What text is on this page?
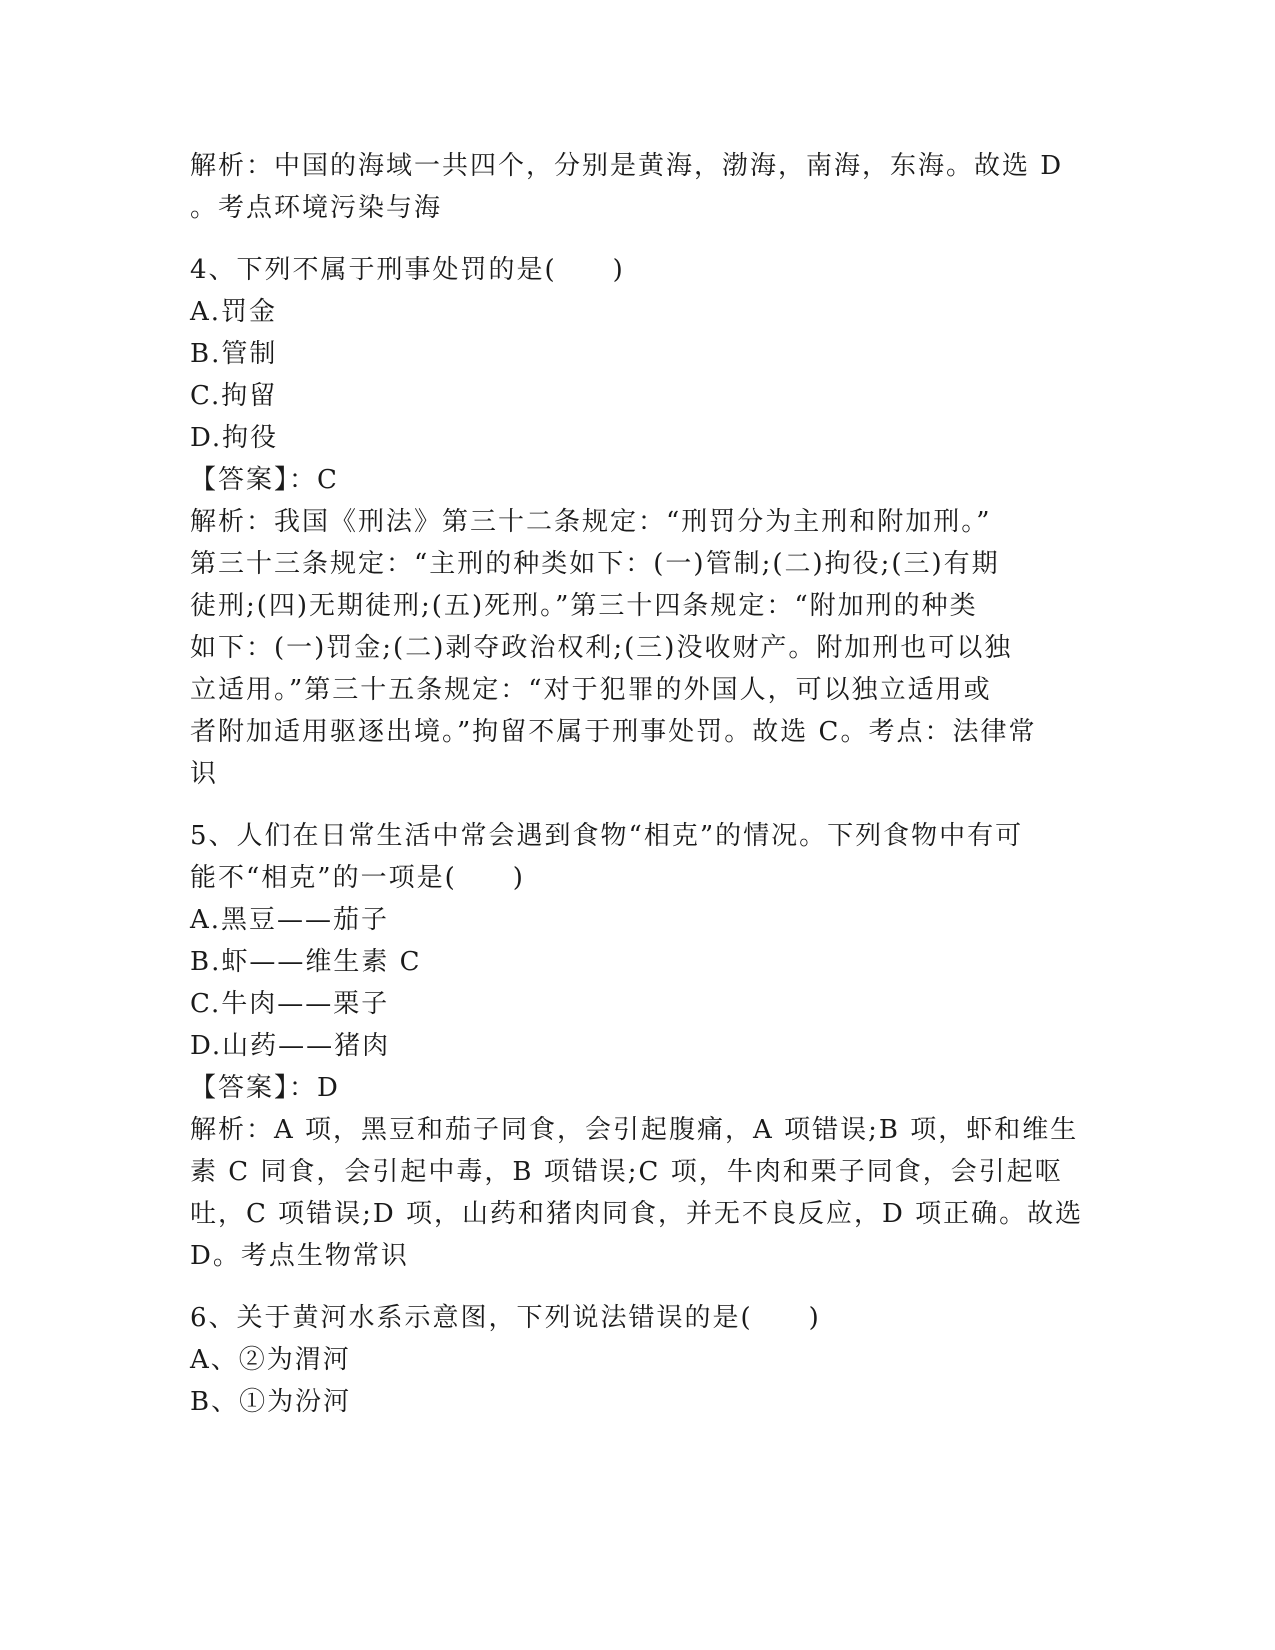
解析：中国的海域一共四个，分别是黄海，渤海，南海，东海。故选 D
。考点环境污染与海
4、下列不属于刑事处罚的是(　　)
A.罚金
B.管制
C.拘留
D.拘役
【答案】：C
解析：我国《刑法》第三十二条规定：“刑罚分为主刑和附加刑。”
第三十三条规定：“主刑的种类如下：(一)管制;(二)拘役;(三)有期
徒刑;(四)无期徒刑;(五)死刑。”第三十四条规定：“附加刑的种类
如下：(一)罚金;(二)剥夺政治权利;(三)没收财产。附加刑也可以独
立适用。”第三十五条规定：“对于犯罪的外国人，可以独立适用或
者附加适用驱逐出境。”拘留不属于刑事处罚。故选 C。考点：法律常
识
5、人们在日常生活中常会遇到食物“相克”的情况。下列食物中有可
能不“相克”的一项是(　　)
A.黑豆——茄子
B.虾——维生素 C
C.牛肉——栗子
D.山药——猪肉
【答案】：D
解析：A 项，黑豆和茄子同食，会引起腹痛，A 项错误;B 项，虾和维生
素 C 同食，会引起中毒，B 项错误;C 项，牛肉和栗子同食，会引起呕
吐，C 项错误;D 项，山药和猪肉同食，并无不良反应，D 项正确。故选
D。考点生物常识
6、关于黄河水系示意图，下列说法错误的是(　　)
A、②为渭河
B、①为汾河
